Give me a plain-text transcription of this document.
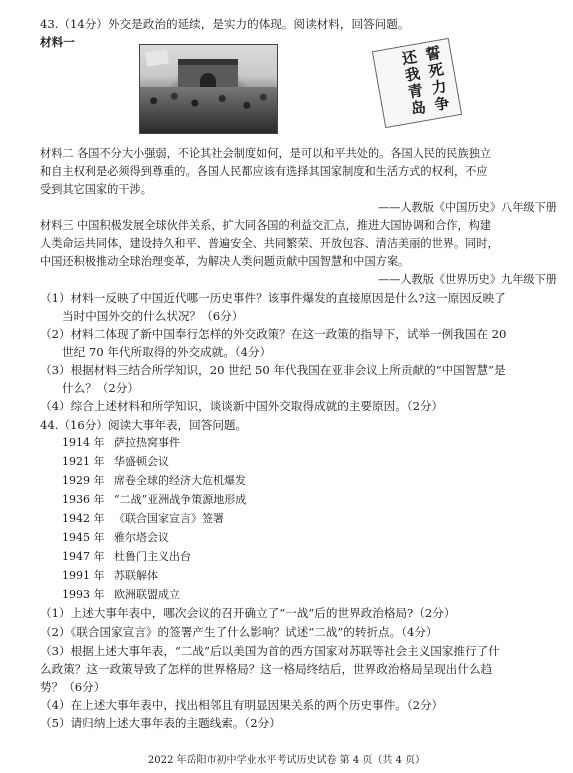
43.（14分）外交是政治的延续，是实力的体现。阅读材料，回答问题。
材料一
誓死力争
还我青岛
材料二 各国不分大小强弱，不论其社会制度如何，是可以和平共处的。各国人民的民族独立
和自主权利是必须得到尊重的。各国人民都应该有选择其国家制度和生活方式的权利，不应
受到其它国家的干涉。
——人教版《中国历史》八年级下册
材料三 中国积极发展全球伙伴关系，扩大同各国的利益交汇点，推进大国协调和合作，构建
人类命运共同体，建设持久和平、普遍安全、共同繁荣、开放包容、清洁美丽的世界。同时，
中国还积极推动全球治理变革，为解决人类问题贡献中国智慧和中国方案。
——人教版《世界历史》九年级下册
（1）材料一反映了中国近代哪一历史事件？该事件爆发的直接原因是什么?这一原因反映了
当时中国外交的什么状况？（6分）
（2）材料二体现了新中国奉行怎样的外交政策？在这一政策的指导下，试举一例我国在 20
世纪 70 年代所取得的外交成就。（4分）
（3）根据材料三结合所学知识，20 世纪 50 年代我国在亚非会议上所贡献的“中国智慧”是
什么？（2分）
（4）综合上述材料和所学知识，谈谈新中国外交取得成就的主要原因。（2分）
44.（16分）阅读大事年表，回答问题。
1914 年 萨拉热窝事件
1921 年 华盛顿会议
1929 年 席卷全球的经济大危机爆发
1936 年 “二战”亚洲战争策源地形成
1942 年 《联合国家宣言》签署
1945 年 雅尔塔会议
1947 年 杜鲁门主义出台
1991 年 苏联解体
1993 年 欧洲联盟成立
（1）上述大事年表中，哪次会议的召开确立了“一战”后的世界政治格局?（2分）
（2）《联合国家宣言》的签署产生了什么影响？试述“二战”的转折点。（4分）
（3）根据上述大事年表，“二战”后以美国为首的西方国家对苏联等社会主义国家推行了什
么政策？这一政策导致了怎样的世界格局？这一格局终结后，世界政治格局呈现出什么趋
势？（6分）
（4）在上述大事年表中，找出相邻且有明显因果关系的两个历史事件。（2分）
（5）请归纳上述大事年表的主题线索。（2分）
2022 年岳阳市初中学业水平考试历史试卷 第 4 页（共 4 页）
